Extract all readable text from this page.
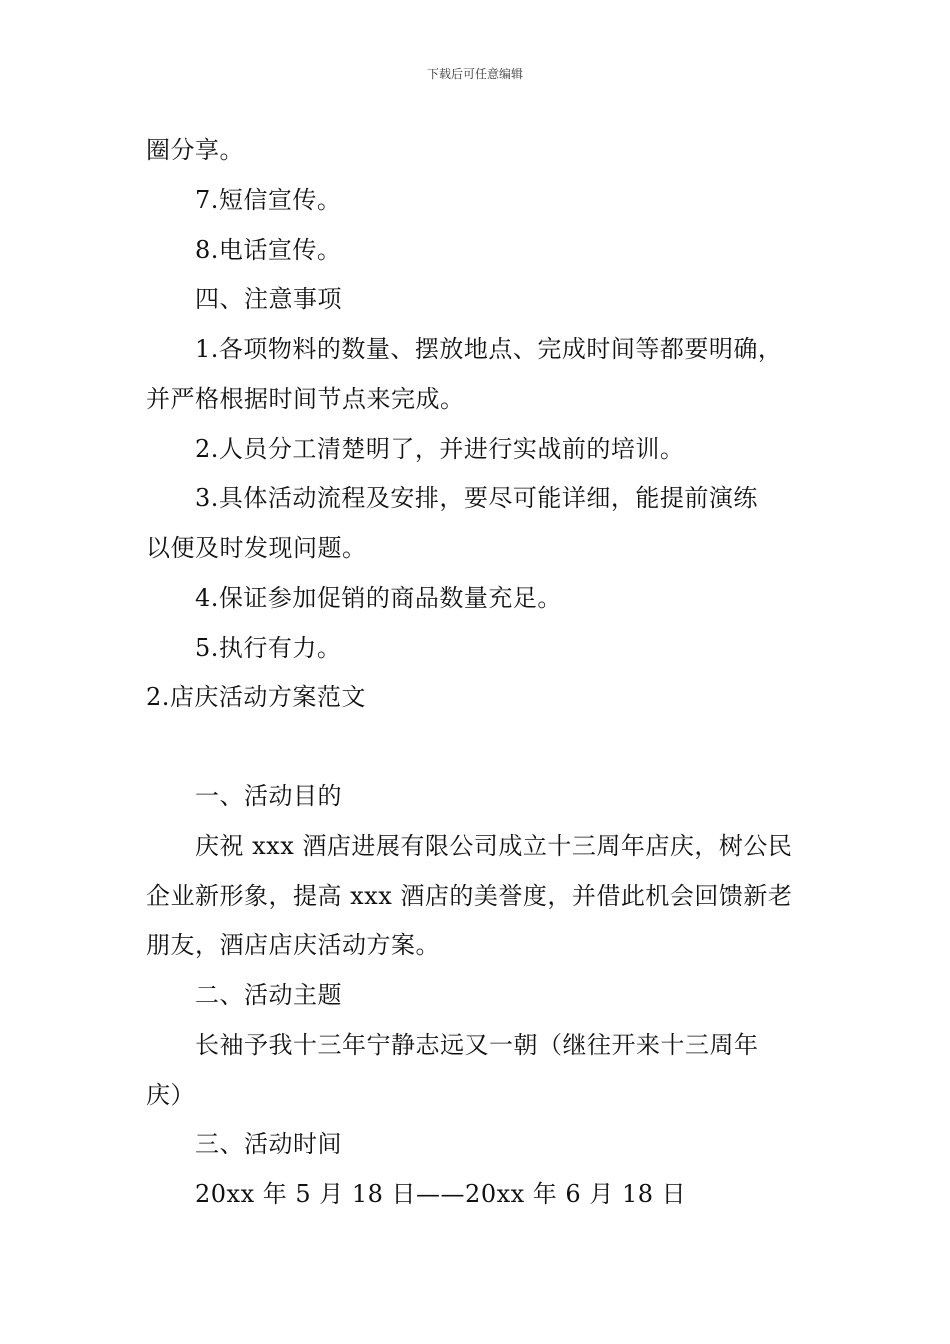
下载后可任意编辑
圈分享。
7.短信宣传。
8.电话宣传。
四、注意事项
1.各项物料的数量、摆放地点、完成时间等都要明确，
并严格根据时间节点来完成。
2.人员分工清楚明了，并进行实战前的培训。
3.具体活动流程及安排，要尽可能详细，能提前演练
以便及时发现问题。
4.保证参加促销的商品数量充足。
5.执行有力。
2.店庆活动方案范文
一、活动目的
庆祝 xxx 酒店进展有限公司成立十三周年店庆，树公民
企业新形象，提高 xxx 酒店的美誉度，并借此机会回馈新老
朋友，酒店店庆活动方案。
二、活动主题
长袖予我十三年宁静志远又一朝（继往开来十三周年
庆）
三、活动时间
20xx 年 5 月 18 日——20xx 年 6 月 18 日
